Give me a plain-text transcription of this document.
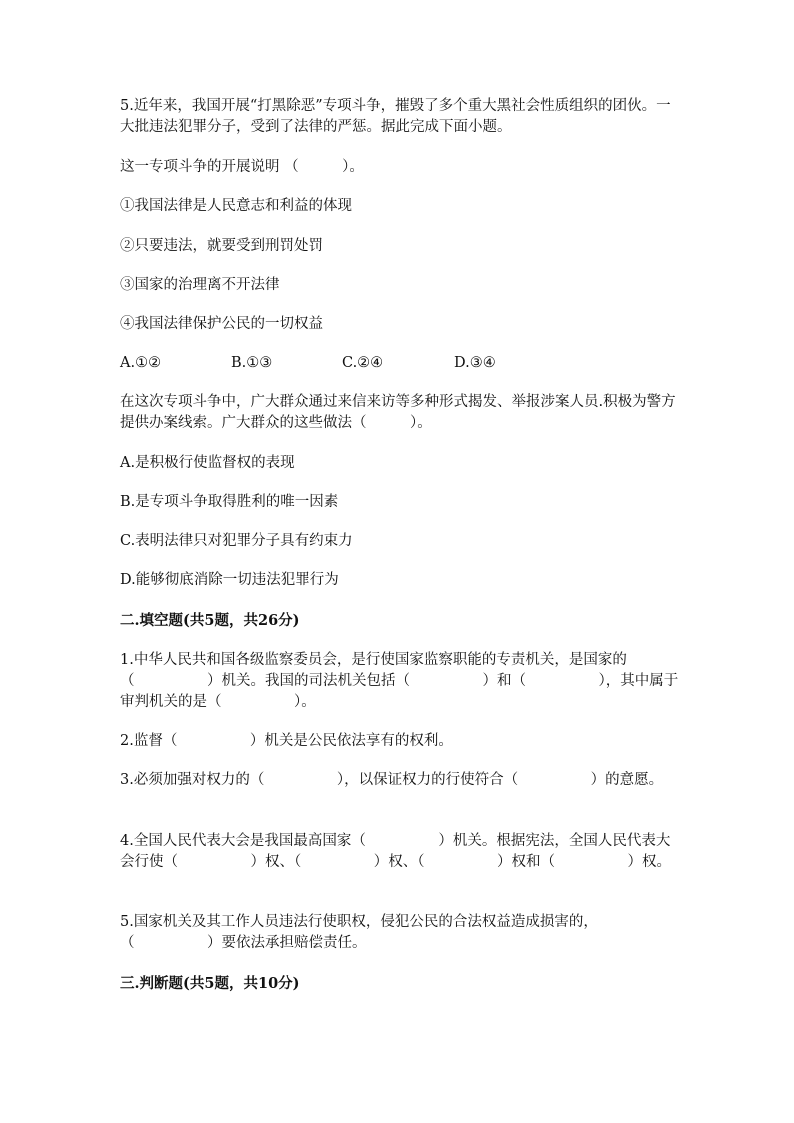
5.近年来，我国开展“打黑除恶”专项斗争，摧毁了多个重大黑社会性质组织的团伙。一大批违法犯罪分子，受到了法律的严惩。据此完成下面小题。

这一专项斗争的开展说明 （　　　）。

①我国法律是人民意志和利益的体现

②只要违法，就要受到刑罚处罚

③国家的治理离不开法律

④我国法律保护公民的一切权益

A.①②	B.①③	C.②④	D.③④

在这次专项斗争中，广大群众通过来信来访等多种形式揭发、举报涉案人员.积极为警方提供办案线索。广大群众的这些做法（　　　）。

A.是积极行使监督权的表现

B.是专项斗争取得胜利的唯一因素

C.表明法律只对犯罪分子具有约束力

D.能够彻底消除一切违法犯罪行为

二.填空题(共5题，共26分)

1.中华人民共和国各级监察委员会，是行使国家监察职能的专责机关，是国家的（　　　　　）机关。我国的司法机关包括（　　　　　）和（　　　　　），其中属于审判机关的是（　　　　　）。

2.监督（　　　　　）机关是公民依法享有的权利。

3.必须加强对权力的（　　　　　），以保证权力的行使符合（　　　　　）的意愿。

4.全国人民代表大会是我国最高国家（　　　　　）机关。根据宪法，全国人民代表大会行使（　　　　　）权、（　　　　　）权、（　　　　　）权和（　　　　　）权。

5.国家机关及其工作人员违法行使职权，侵犯公民的合法权益造成损害的，（　　　　　）要依法承担赔偿责任。

三.判断题(共5题，共10分)
